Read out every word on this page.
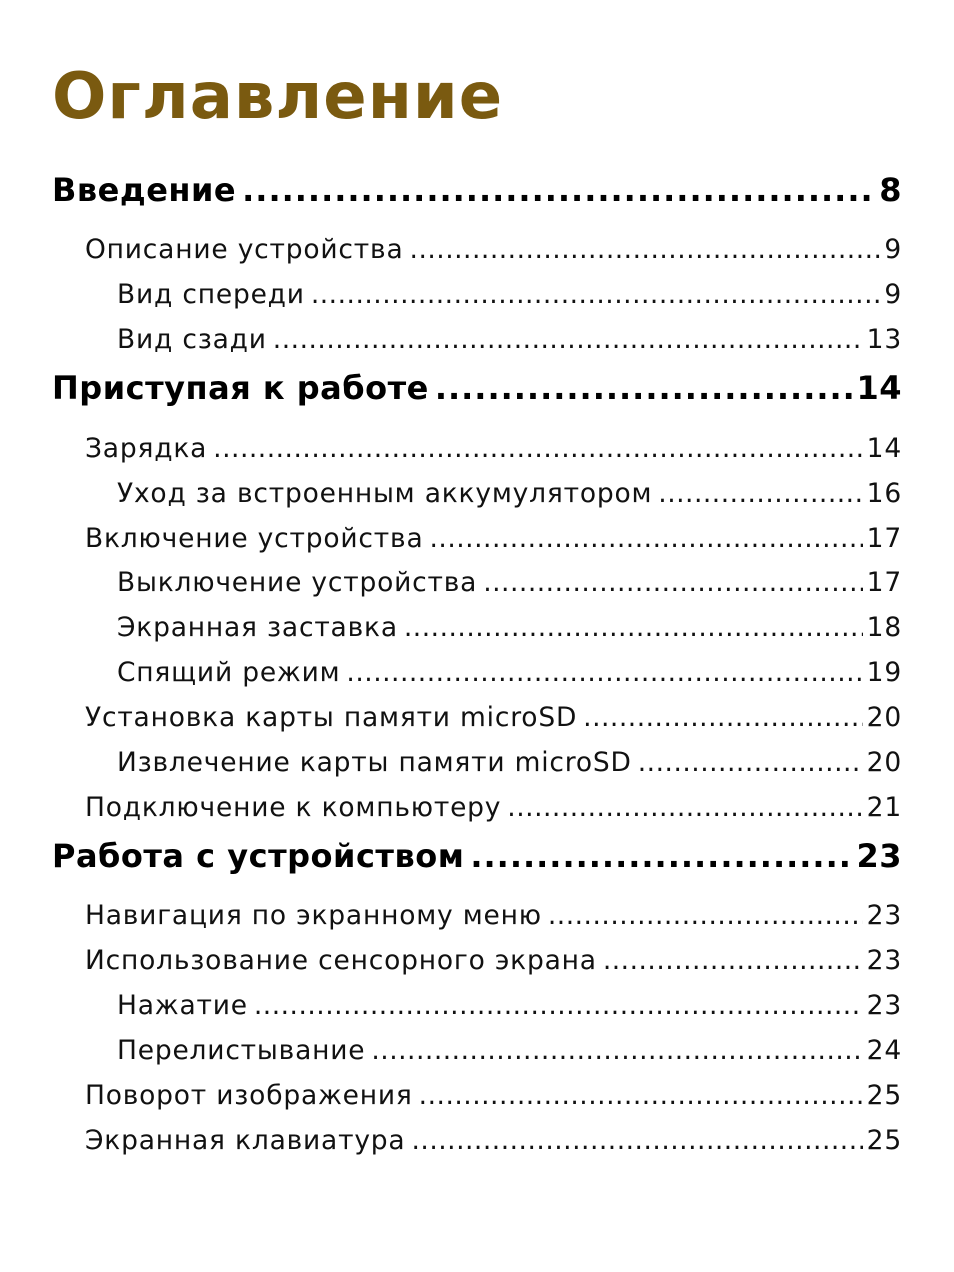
Оглавление
Введение .....	8
Описание устройства .....	9
Вид спереди .....	9
Вид сзади .....	13
Приступая к работе .....	14
Зарядка .....	14
Уход за встроенным аккумулятором .....	16
Включение устройства .....	17
Выключение устройства .....	17
Экранная заставка .....	18
Спящий режим .....	19
Установка карты памяти microSD .....	20
Извлечение карты памяти microSD .....	20
Подключение к компьютеру .....	21
Работа с устройством .....	23
Навигация по экранному меню .....	23
Использование сенсорного экрана .....	23
Нажатие .....	23
Перелистывание .....	24
Поворот изображения .....	25
Экранная клавиатура .....	25
